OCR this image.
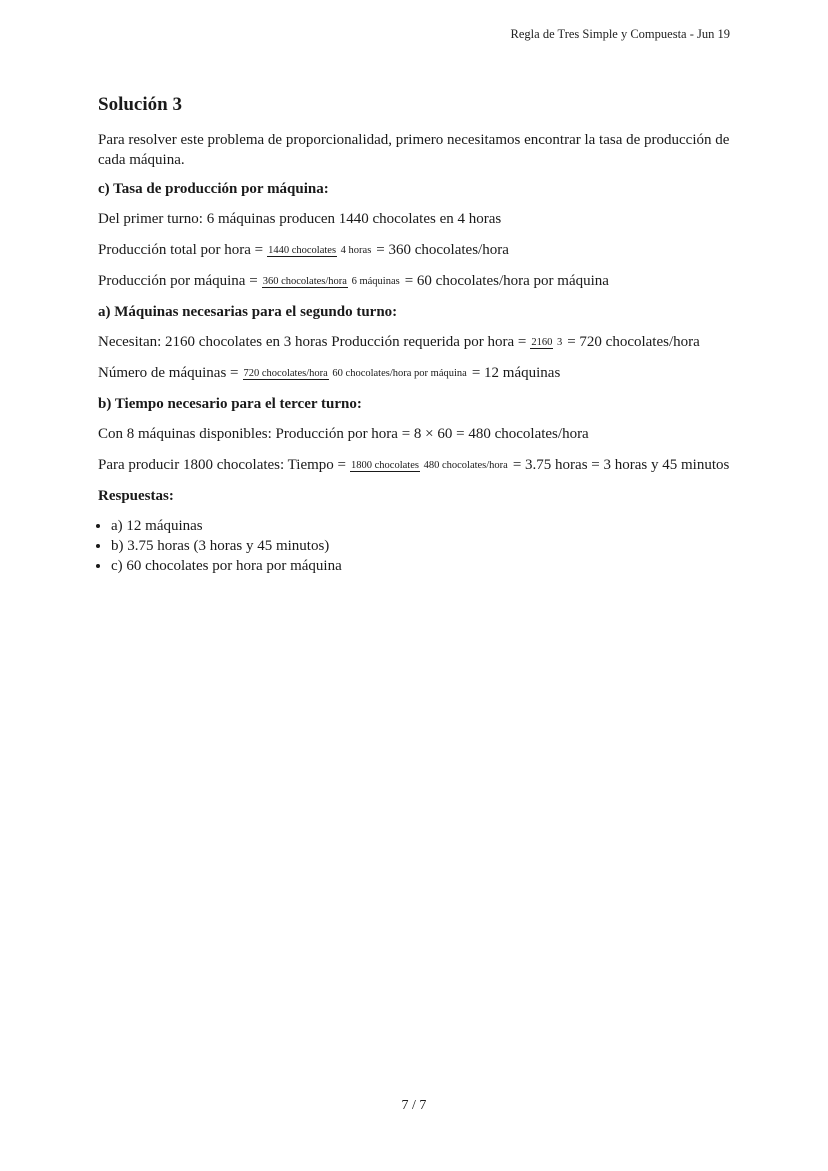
Regla de Tres Simple y Compuesta - Jun 19
Solución 3

Para resolver este problema de proporcionalidad, primero necesitamos encontrar la tasa de producción de cada máquina.

c) Tasa de producción por máquina:

Del primer turno: 6 máquinas producen 1440 chocolates en 4 horas

Producción total por hora = 1440 chocolates 4 horas = 360 chocolates/hora
Producción por máquina = 360 chocolates/hora 6 máquinas = 60 chocolates/hora por máquina

a) Máquinas necesarias para el segundo turno:

Necesitan: 2160 chocolates en 3 horas Producción requerida por hora = 2160 3 = 720 chocolates/hora
Número de máquinas = 720 chocolates/hora 60 chocolates/hora por máquina = 12 máquinas

b) Tiempo necesario para el tercer turno:

Con 8 máquinas disponibles: Producción por hora = 8 × 60 = 480 chocolates/hora

Para producir 1800 chocolates: Tiempo = 1800 chocolates 480 chocolates/hora = 3.75 horas = 3 horas y 45 minutos

Respuestas:

• a) 12 máquinas
• b) 3.75 horas (3 horas y 45 minutos)
• c) 60 chocolates por hora por máquina
7 / 7
